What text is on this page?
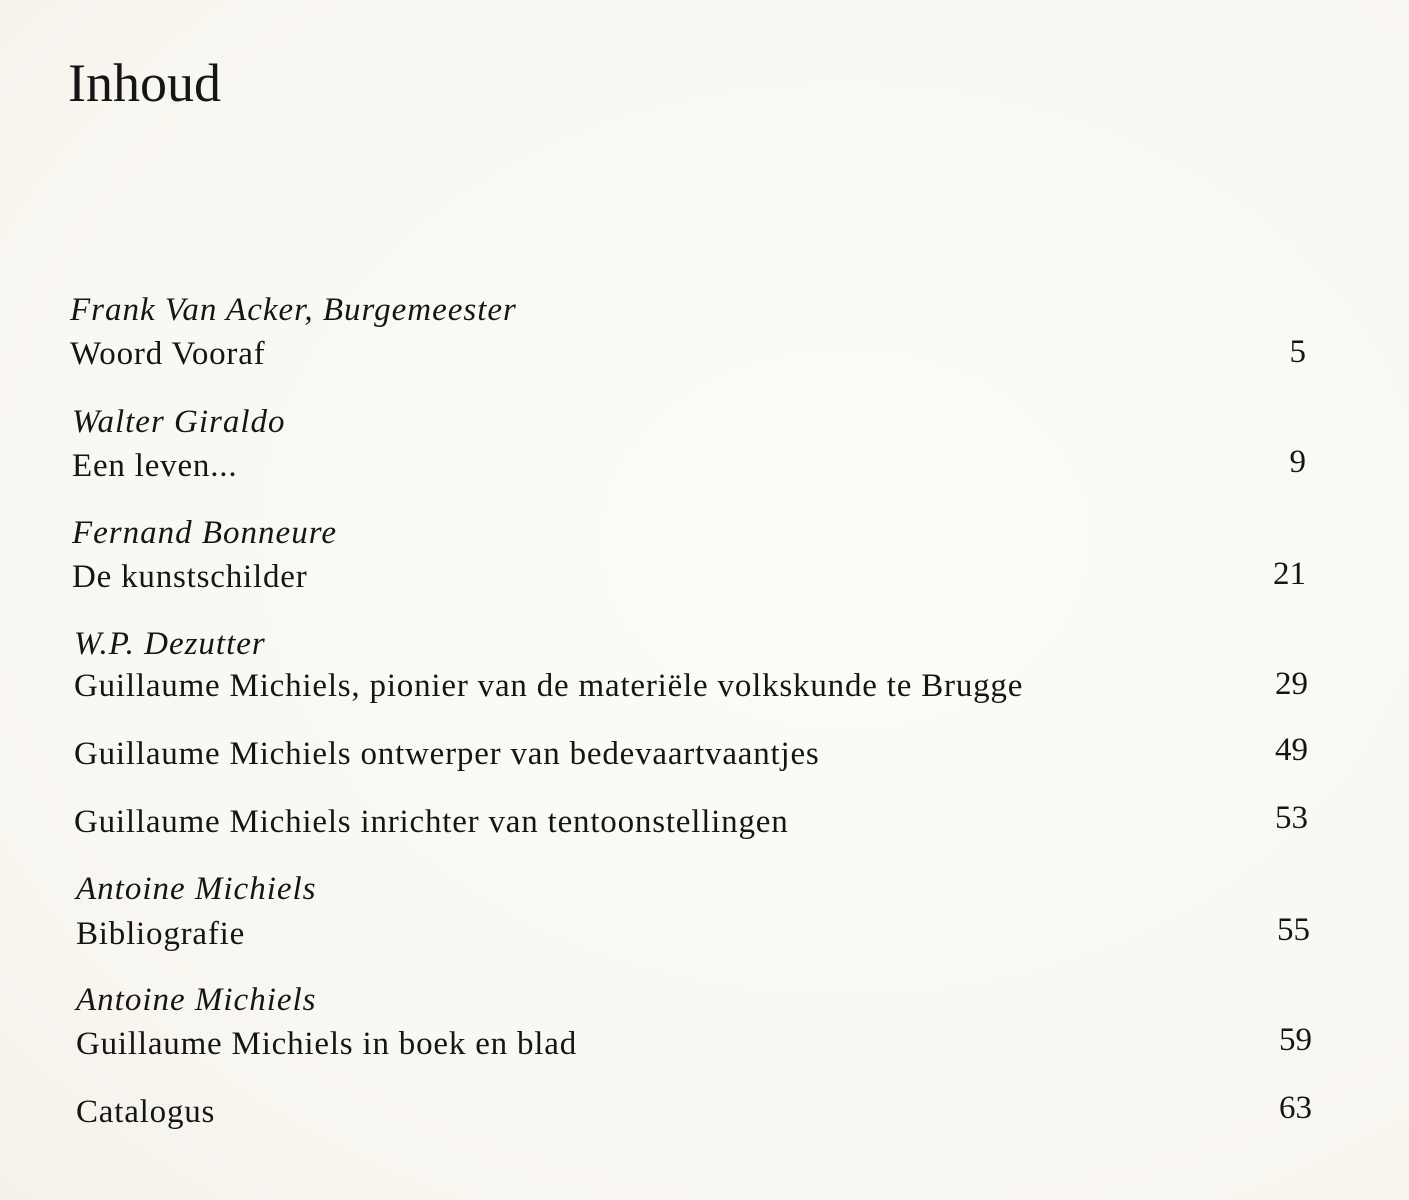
Inhoud
Frank Van Acker, Burgemeester
Woord Vooraf	5
Walter Giraldo
Een leven...	9
Fernand Bonneure
De kunstschilder	21
W.P. Dezutter
Guillaume Michiels, pionier van de materiële volkskunde te Brugge	29
Guillaume Michiels ontwerper van bedevaartvaantjes	49
Guillaume Michiels inrichter van tentoonstellingen	53
Antoine Michiels
Bibliografie	55
Antoine Michiels
Guillaume Michiels in boek en blad	59
Catalogus	63
